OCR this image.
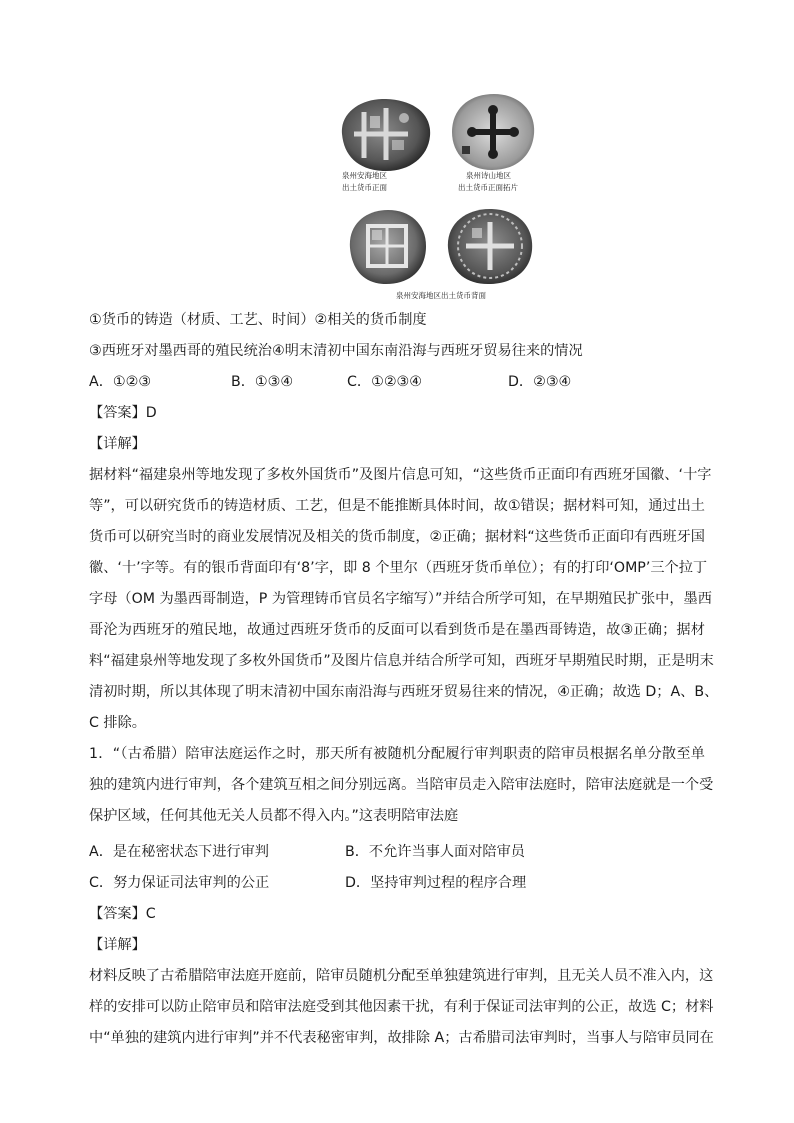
泉州安海地区
出土货币正面
泉州诗山地区
出土货币正面拓片
泉州安海地区出土货币背面
①货币的铸造（材质、工艺、时间）②相关的货币制度
③西班牙对墨西哥的殖民统治④明末清初中国东南沿海与西班牙贸易往来的情况
A．①②③	B．①③④	C．①②③④	D．②③④
【答案】D
【详解】
据材料“福建泉州等地发现了多枚外国货币”及图片信息可知，“这些货币正面印有西班牙国徽、‘十字
等”，可以研究货币的铸造材质、工艺，但是不能推断具体时间，故①错误；据材料可知，通过出土
货币可以研究当时的商业发展情况及相关的货币制度，②正确；据材料“这些货币正面印有西班牙国
徽、‘十’字等。有的银币背面印有‘8’字，即 8 个里尔（西班牙货币单位）；有的打印‘OMP’三个拉丁
字母（OM 为墨西哥制造，P 为管理铸币官员名字缩写）”并结合所学可知，在早期殖民扩张中，墨西
哥沦为西班牙的殖民地，故通过西班牙货币的反面可以看到货币是在墨西哥铸造，故③正确；据材
料“福建泉州等地发现了多枚外国货币”及图片信息并结合所学可知，西班牙早期殖民时期，正是明末
清初时期，所以其体现了明末清初中国东南沿海与西班牙贸易往来的情况，④正确；故选 D；A、B、
C 排除。
1．“（古希腊）陪审法庭运作之时，那天所有被随机分配履行审判职责的陪审员根据名单分散至单
独的建筑内进行审判，各个建筑互相之间分别远离。当陪审员走入陪审法庭时，陪审法庭就是一个受
保护区域，任何其他无关人员都不得入内。”这表明陪审法庭
A．是在秘密状态下进行审判	B．不允许当事人面对陪审员
C．努力保证司法审判的公正	D．坚持审判过程的程序合理
【答案】C
【详解】
材料反映了古希腊陪审法庭开庭前，陪审员随机分配至单独建筑进行审判，且无关人员不准入内，这
样的安排可以防止陪审员和陪审法庭受到其他因素干扰，有利于保证司法审判的公正，故选 C；材料
中“单独的建筑内进行审判”并不代表秘密审判，故排除 A；古希腊司法审判时，当事人与陪审员同在
